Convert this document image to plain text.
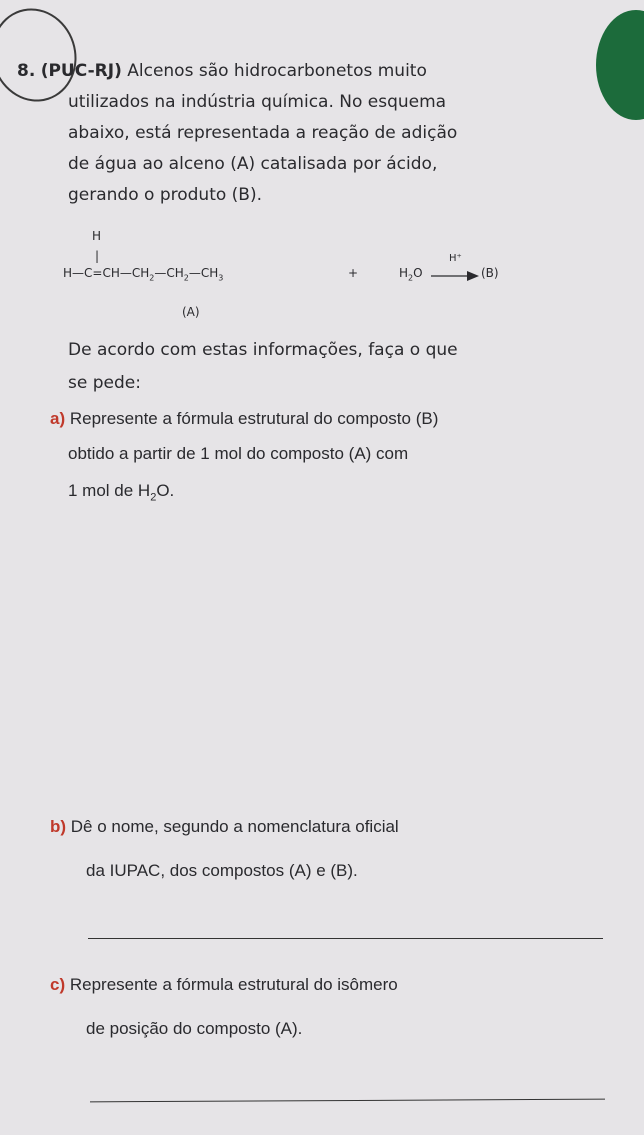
8. (PUC-RJ) Alcenos são hidrocarbonetos muito
utilizados na indústria química. No esquema
abaixo, está representada a reação de adição
de água ao alceno (A) catalisada por ácido,
gerando o produto (B).
H
|
$H—C=CH—CH_2—CH_2—CH_3$	+	$H_2O$
H⁺
→ (B)
(A)
De acordo com estas informações, faça o que
se pede:
a) Represente a fórmula estrutural do composto (B)
obtido a partir de 1 mol do composto (A) com
1 mol de $H_2O$.
b) Dê o nome, segundo a nomenclatura oficial
da IUPAC, dos compostos (A) e (B).
c) Represente a fórmula estrutural do isômero
de posição do composto (A).
